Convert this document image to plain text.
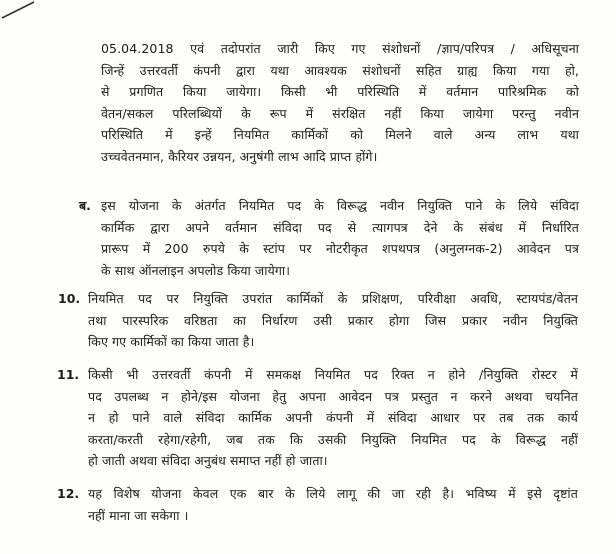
05.04.2018 एवं तदोपरांत जारी किए गए संशोधनों /ज्ञाप/परिपत्र / अधिसूचना
जिन्हें उत्तरवर्ती कंपनी द्वारा यथा आवश्यक संशोधनों सहित ग्राह्य किया गया हो,
से प्रगणित किया जायेगा। किसी भी परिस्थिति में वर्तमान पारिश्रमिक को
वेतन/सकल परिलब्धियों के रूप में संरक्षित नहीं किया जायेगा परन्तु नवीन
परिस्थिति में इन्हें नियमित कार्मिकों को मिलने वाले अन्य लाभ यथा
उच्चवेतनमान, कैरियर उन्नयन, अनुषंगी लाभ आदि प्राप्त होंगे।
ब. इस योजना के अंतर्गत नियमित पद के विरूद्ध नवीन नियुक्ति पाने के लिये संविदा
कार्मिक द्वारा अपने वर्तमान संविदा पद से त्यागपत्र देने के संबंध में निर्धारित
प्रारूप में 200 रुपये के स्टांप पर नोटरीकृत शपथपत्र (अनुलग्नक-2) आवेदन पत्र
के साथ ऑनलाइन अपलोड किया जायेगा।
10. नियमित पद पर नियुक्ति उपरांत कार्मिकों के प्रशिक्षण, परिवीक्षा अवधि, स्टायपंड/वेतन
तथा पारस्परिक वरिष्ठता का निर्धारण उसी प्रकार होगा जिस प्रकार नवीन नियुक्ति
किए गए कार्मिकों का किया जाता है।
11. किसी भी उत्तरवर्ती कंपनी में समकक्ष नियमित पद रिक्त न होने /नियुक्ति रोस्टर में
पद उपलब्ध न होने/इस योजना हेतु अपना आवेदन पत्र प्रस्तुत न करने अथवा चयनित
न हो पाने वाले संविदा कार्मिक अपनी कंपनी में संविदा आधार पर तब तक कार्य
करता/करती रहेगा/रहेगी, जब तक कि उसकी नियुक्ति नियमित पद के विरूद्ध नहीं
हो जाती अथवा संविदा अनुबंध समाप्त नहीं हो जाता।
12. यह विशेष योजना केवल एक बार के लिये लागू की जा रही है। भविष्य में इसे दृष्टांत
नहीं माना जा सकेगा ।
